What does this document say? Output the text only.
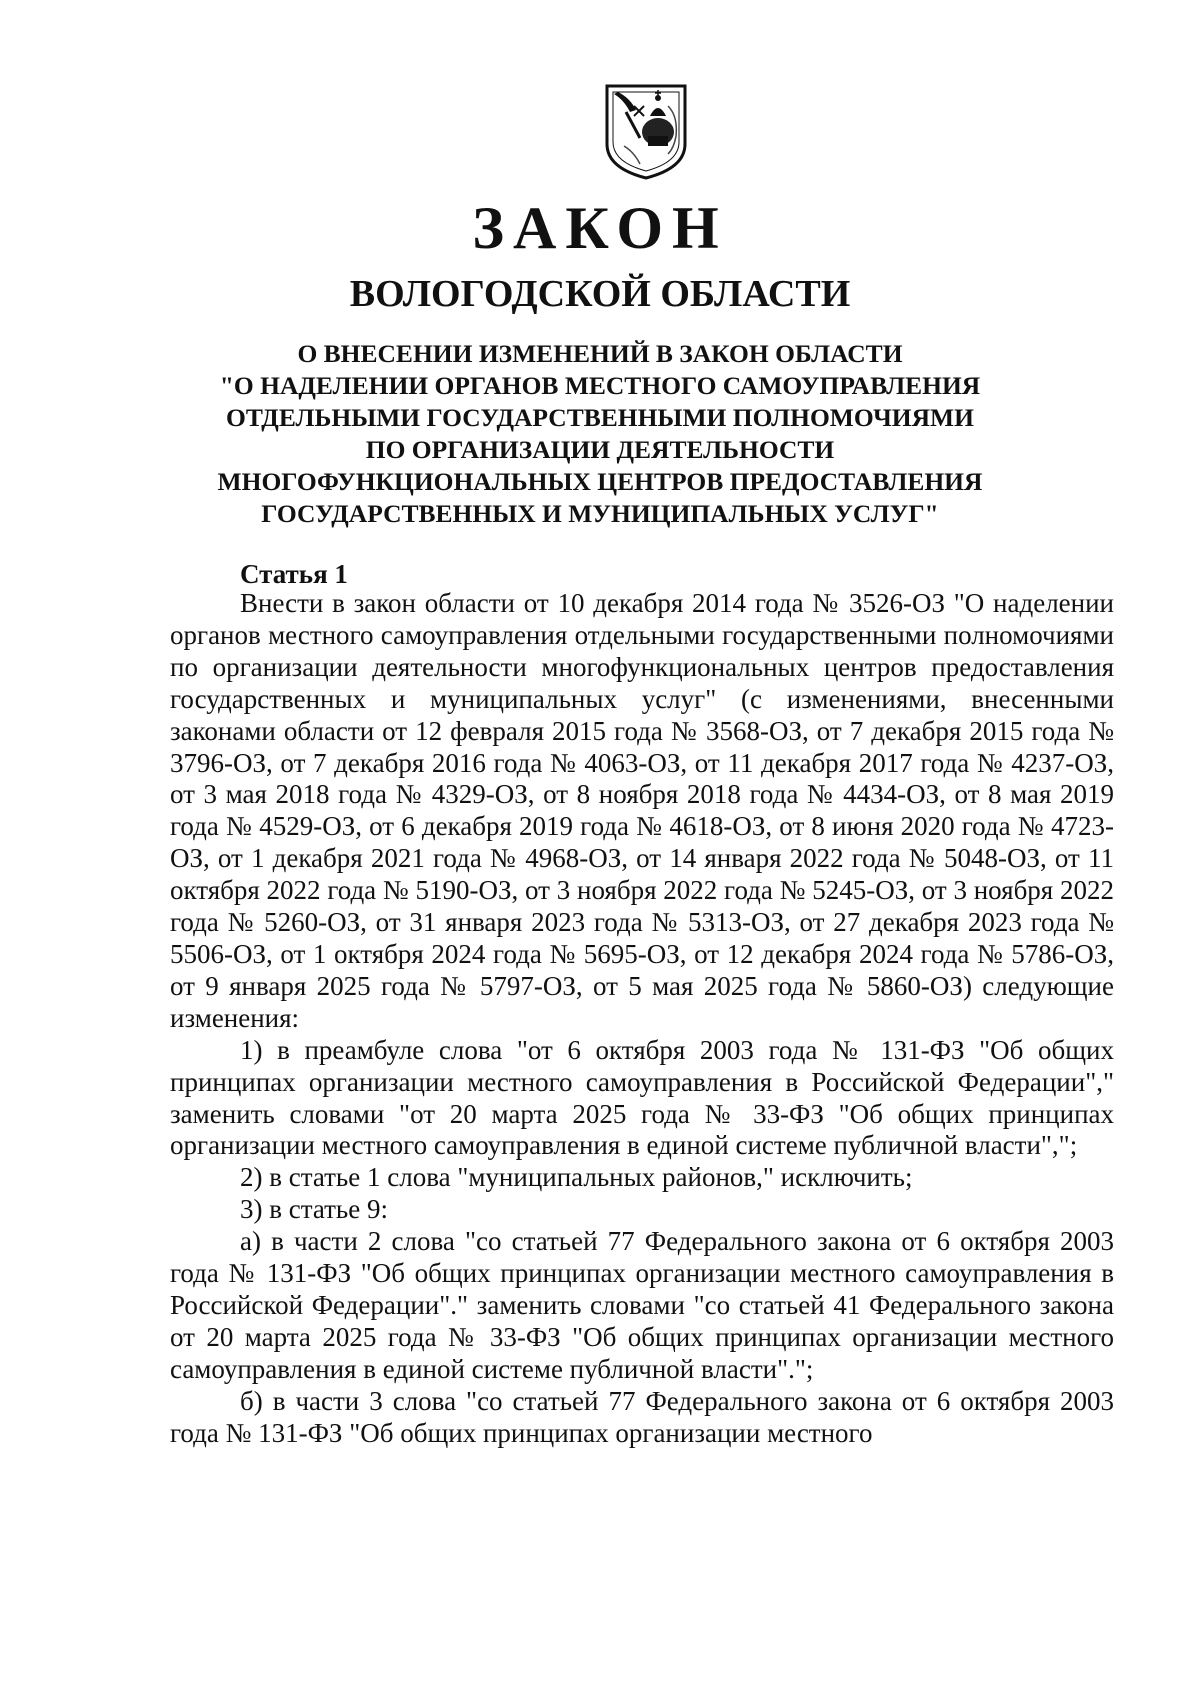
ЗАКОН
ВОЛОГОДСКОЙ ОБЛАСТИ
О ВНЕСЕНИИ ИЗМЕНЕНИЙ В ЗАКОН ОБЛАСТИ
"О НАДЕЛЕНИИ ОРГАНОВ МЕСТНОГО САМОУПРАВЛЕНИЯ
ОТДЕЛЬНЫМИ ГОСУДАРСТВЕННЫМИ ПОЛНОМОЧИЯМИ
ПО ОРГАНИЗАЦИИ ДЕЯТЕЛЬНОСТИ
МНОГОФУНКЦИОНАЛЬНЫХ ЦЕНТРОВ ПРЕДОСТАВЛЕНИЯ
ГОСУДАРСТВЕННЫХ И МУНИЦИПАЛЬНЫХ УСЛУГ"
Статья 1

Внести в закон области от 10 декабря 2014 года № 3526-ОЗ "О наделении органов местного самоуправления отдельными государственными полномочиями по организации деятельности многофункциональных центров предоставления государственных и муниципальных услуг" (с изменениями, внесенными законами области от 12 февраля 2015 года № 3568-ОЗ, от 7 декабря 2015 года № 3796-ОЗ, от 7 декабря 2016 года № 4063-ОЗ, от 11 декабря 2017 года № 4237-ОЗ, от 3 мая 2018 года № 4329-ОЗ, от 8 ноября 2018 года № 4434-ОЗ, от 8 мая 2019 года № 4529-ОЗ, от 6 декабря 2019 года № 4618-ОЗ, от 8 июня 2020 года № 4723-ОЗ, от 1 декабря 2021 года № 4968-ОЗ, от 14 января 2022 года № 5048-ОЗ, от 11 октября 2022 года № 5190-ОЗ, от 3 ноября 2022 года № 5245-ОЗ, от 3 ноября 2022 года № 5260-ОЗ, от 31 января 2023 года № 5313-ОЗ, от 27 декабря 2023 года № 5506-ОЗ, от 1 октября 2024 года № 5695-ОЗ, от 12 декабря 2024 года № 5786-ОЗ, от 9 января 2025 года № 5797-ОЗ, от 5 мая 2025 года № 5860-ОЗ) следующие изменения:

1) в преамбуле слова "от 6 октября 2003 года № 131-ФЗ "Об общих принципах организации местного самоуправления в Российской Федерации"," заменить словами "от 20 марта 2025 года № 33-ФЗ "Об общих принципах организации местного самоуправления в единой системе публичной власти",";

2) в статье 1 слова "муниципальных районов," исключить;

3) в статье 9:

а) в части 2 слова "со статьей 77 Федерального закона от 6 октября 2003 года № 131-ФЗ "Об общих принципах организации местного самоуправления в Российской Федерации"." заменить словами "со статьей 41 Федерального закона от 20 марта 2025 года № 33-ФЗ "Об общих принципах организации местного самоуправления в единой системе публичной власти".";

б) в части 3 слова "со статьей 77 Федерального закона от 6 октября 2003 года № 131-ФЗ "Об общих принципах организации местного
